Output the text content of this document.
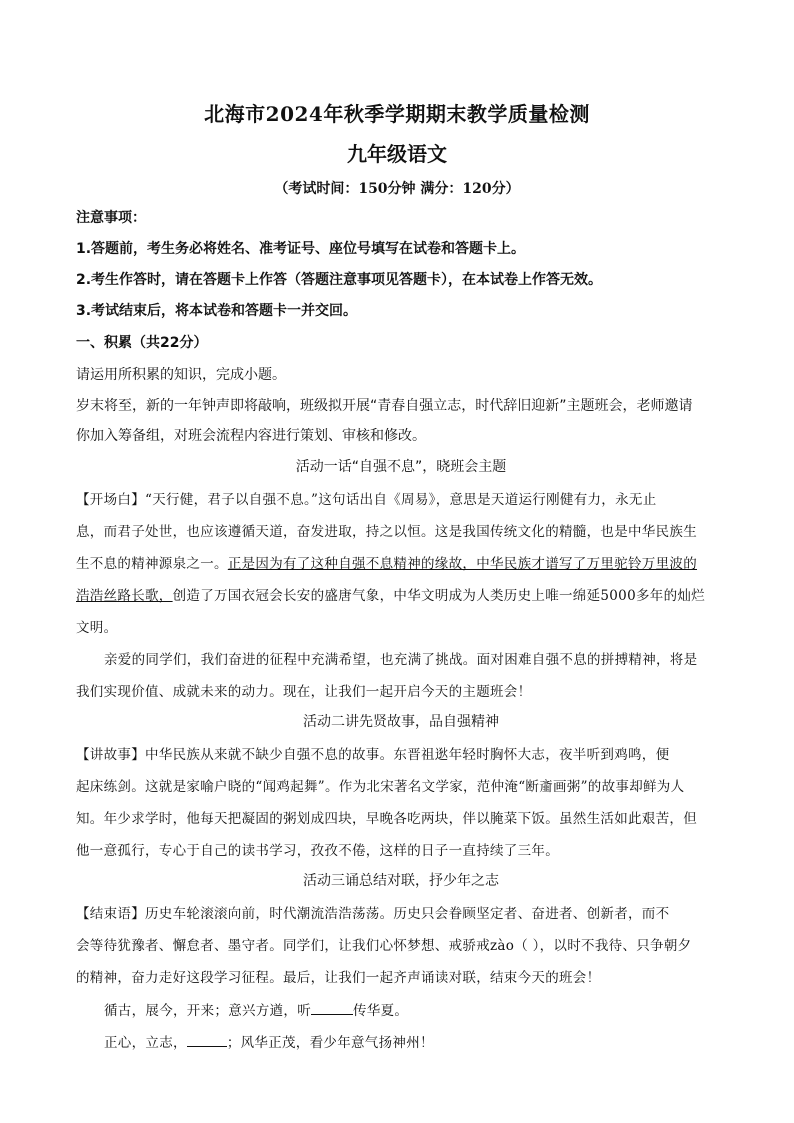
北海市2024年秋季学期期末教学质量检测
九年级语文
（考试时间：150分钟 满分：120分）
注意事项：
1.答题前，考生务必将姓名、准考证号、座位号填写在试卷和答题卡上。
2.考生作答时，请在答题卡上作答（答题注意事项见答题卡），在本试卷上作答无效。
3.考试结束后，将本试卷和答题卡一并交回。
一、积累（共22分）
请运用所积累的知识，完成小题。
岁末将至，新的一年钟声即将敲响，班级拟开展“青春自强立志，时代辞旧迎新”主题班会，老师邀请
你加入筹备组，对班会流程内容进行策划、审核和修改。
活动一话“自强不息”，晓班会主题
【开场白】“天行健，君子以自强不息。”这句话出自《周易》，意思是天道运行刚健有力，永无止
息，而君子处世，也应该遵循天道，奋发进取，持之以恒。这是我国传统文化的精髓，也是中华民族生
生不息的精神源泉之一。正是因为有了这种自强不息精神的缘故，中华民族才谱写了万里驼铃万里波的
浩浩丝路长歌，创造了万国衣冠会长安的盛唐气象，中华文明成为人类历史上唯一绵延5000多年的灿烂
文明。
亲爱的同学们，我们奋进的征程中充满希望，也充满了挑战。面对困难自强不息的拼搏精神，将是
我们实现价值、成就未来的动力。现在，让我们一起开启今天的主题班会！
活动二讲先贤故事，品自强精神
【讲故事】中华民族从来就不缺少自强不息的故事。东晋祖逖年轻时胸怀大志，夜半听到鸡鸣，便
起床练剑。这就是家喻户晓的“闻鸡起舞”。作为北宋著名文学家，范仲淹“断齑画粥”的故事却鲜为人
知。年少求学时，他每天把凝固的粥划成四块，早晚各吃两块，伴以腌菜下饭。虽然生活如此艰苦，但
他一意孤行，专心于自己的读书学习，孜孜不倦，这样的日子一直持续了三年。
活动三诵总结对联，抒少年之志
【结束语】历史车轮滚滚向前，时代潮流浩浩荡荡。历史只会眷顾坚定者、奋进者、创新者，而不
会等待犹豫者、懈怠者、墨守者。同学们，让我们心怀梦想、戒骄戒zào（ ），以时不我待、只争朝夕
的精神，奋力走好这段学习征程。最后，让我们一起齐声诵读对联，结束今天的班会！
循古，展今，开来；意兴方遒，听	传华夏。
正心，立志，	；风华正茂，看少年意气扬神州！
